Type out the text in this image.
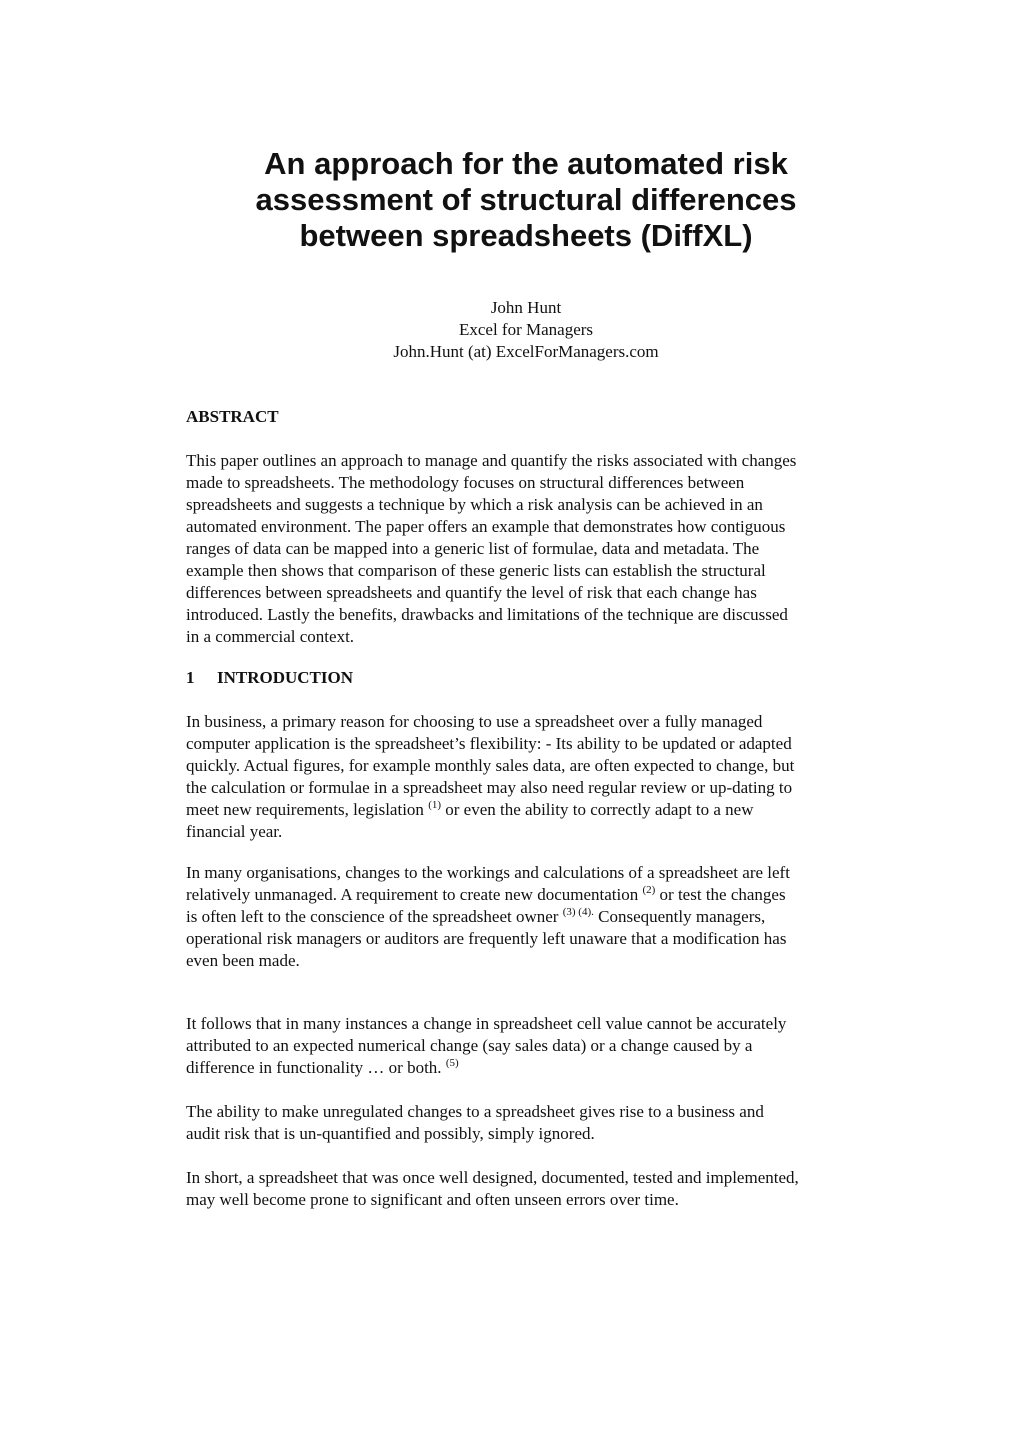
An approach for the automated risk
assessment of structural differences
between spreadsheets (DiffXL)
John Hunt
Excel for Managers
John.Hunt (at) ExcelForManagers.com
ABSTRACT
This paper outlines an approach to manage and quantify the risks associated with changes
made to spreadsheets. The methodology focuses on structural differences between
spreadsheets and suggests a technique by which a risk analysis can be achieved in an
automated environment. The paper offers an example that demonstrates how contiguous
ranges of data can be mapped into a generic list of formulae, data and metadata. The
example then shows that comparison of these generic lists can establish the structural
differences between spreadsheets and quantify the level of risk that each change has
introduced. Lastly the benefits, drawbacks and limitations of the technique are discussed
in a commercial context.
1 INTRODUCTION
In business, a primary reason for choosing to use a spreadsheet over a fully managed
computer application is the spreadsheet’s flexibility: - Its ability to be updated or adapted
quickly. Actual figures, for example monthly sales data, are often expected to change, but
the calculation or formulae in a spreadsheet may also need regular review or up-dating to
meet new requirements, legislation $^{(1)}$ or even the ability to correctly adapt to a new
financial year.
In many organisations, changes to the workings and calculations of a spreadsheet are left
relatively unmanaged. A requirement to create new documentation $^{(2)}$ or test the changes
is often left to the conscience of the spreadsheet owner $^{(3) (4).}$ Consequently managers,
operational risk managers or auditors are frequently left unaware that a modification has
even been made.
It follows that in many instances a change in spreadsheet cell value cannot be accurately
attributed to an expected numerical change (say sales data) or a change caused by a
difference in functionality … or both. $^{(5)}$
The ability to make unregulated changes to a spreadsheet gives rise to a business and
audit risk that is un-quantified and possibly, simply ignored.
In short, a spreadsheet that was once well designed, documented, tested and implemented,
may well become prone to significant and often unseen errors over time.
